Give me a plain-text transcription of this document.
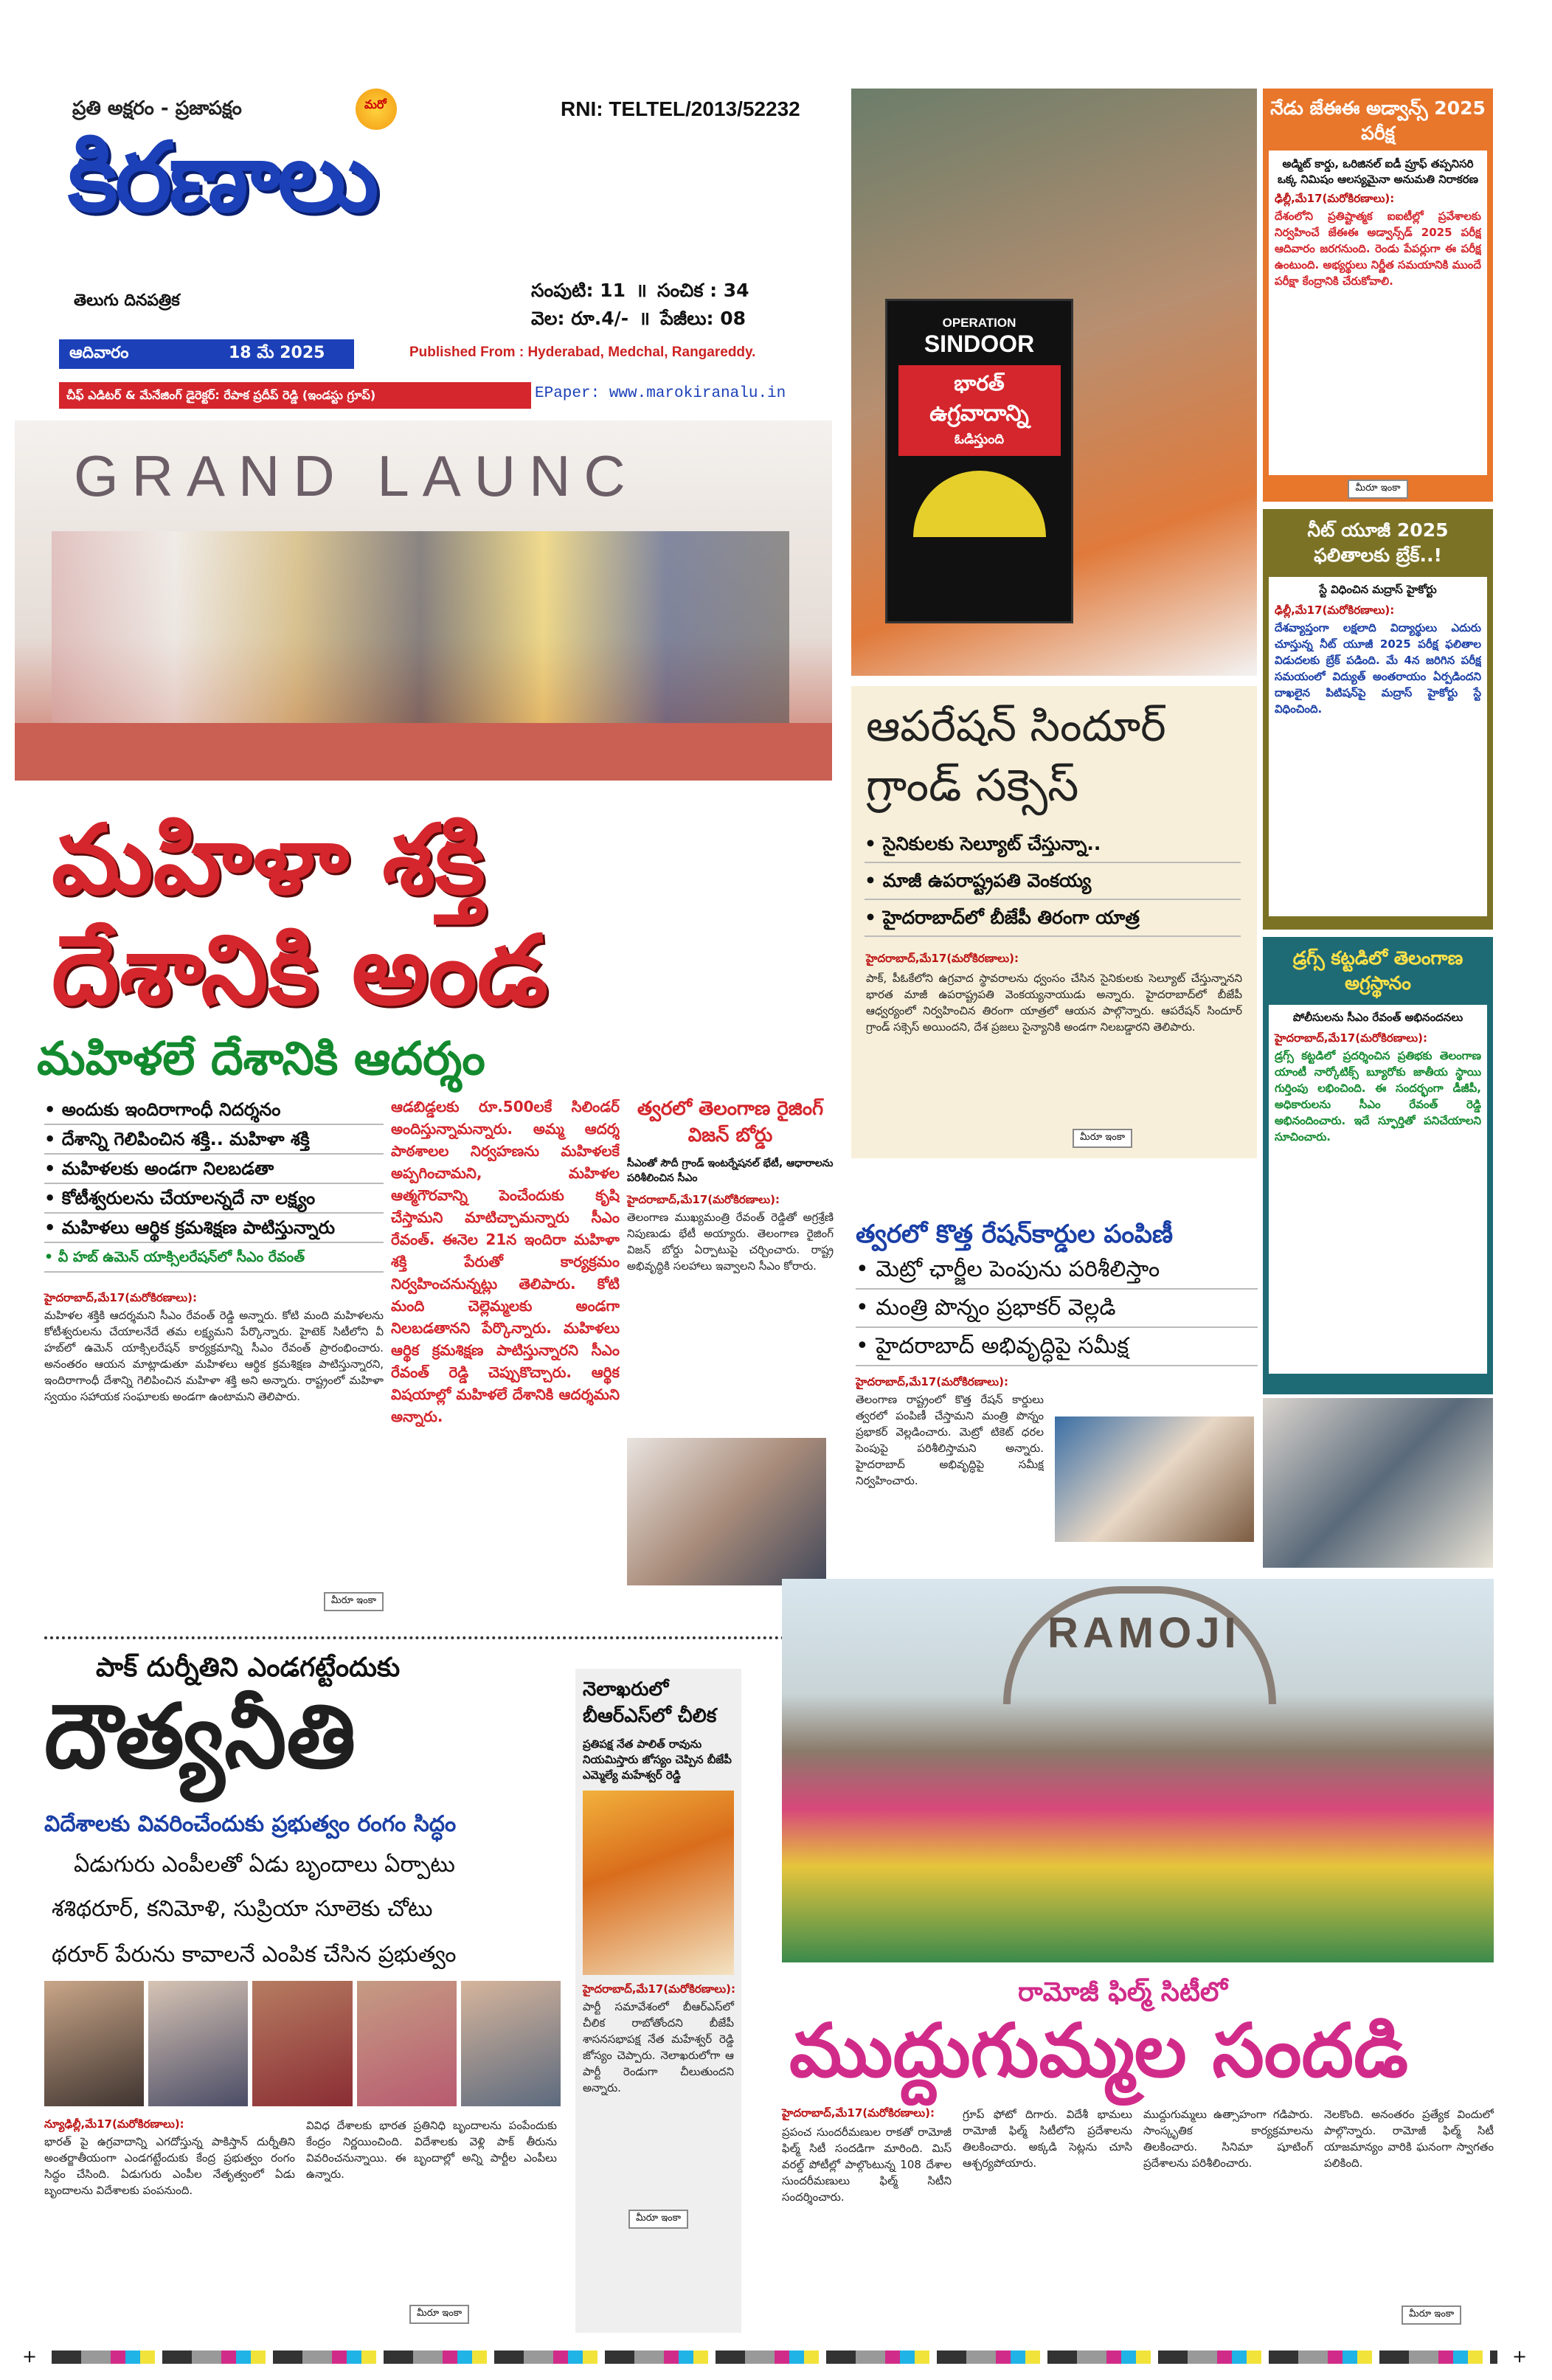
ప్రతి అక్షరం - ప్రజాపక్షం	మరో	RNI: TELTEL/2013/52232
కిరణాలు
తెలుగు దినపత్రిక	సంపుటి: 11 ॥ సంచిక : 34
వెల: రూ.4/- ॥ పేజీలు: 08
ఆదివారం	18 మే 2025	Published From : Hyderabad, Medchal, Rangareddy.
చీఫ్ ఎడిటర్ & మేనేజింగ్ డైరెక్టర్: రేపాక ప్రదీప్ రెడ్డి (ఇండస్టు గ్రూప్)	EPaper: www.marokiranalu.in
GRAND LAUNC
OPERATION
SINDOOR
భారత్
ఉగ్రవాదాన్ని
ఓడిస్తుంది
నేడు జేఈఈ అడ్వాన్స్ 2025 పరీక్ష
అడ్మిట్ కార్డు, ఒరిజినల్ ఐడీ ప్రూఫ్ తప్పనిసరి ఒక్క నిమిషం ఆలస్యమైనా అనుమతి నిరాకరణ
ఢిల్లీ,మే17(మరోకిరణాలు):
దేశంలోని ప్రతిష్టాత్మక ఐఐటీల్లో ప్రవేశాలకు నిర్వహించే జేఈఈ అడ్వాన్స్‌డ్ 2025 పరీక్ష ఆదివారం జరగనుంది. రెండు పేపర్లుగా ఈ పరీక్ష ఉంటుంది. అభ్యర్థులు నిర్ణీత సమయానికి ముందే పరీక్షా కేంద్రానికి చేరుకోవాలి.
మీరూ ఇంకా
నీట్ యూజీ 2025 ఫలితాలకు బ్రేక్..!
స్టే విధించిన మద్రాస్ హైకోర్టు
ఢిల్లీ,మే17(మరోకిరణాలు):
దేశవ్యాప్తంగా లక్షలాది విద్యార్థులు ఎదురు చూస్తున్న నీట్ యూజీ 2025 పరీక్ష ఫలితాల విడుదలకు బ్రేక్ పడింది. మే 4న జరిగిన పరీక్ష సమయంలో విద్యుత్ అంతరాయం ఏర్పడిందని దాఖలైన పిటిషన్‌పై మద్రాస్ హైకోర్టు స్టే విధించింది.
డ్రగ్స్ కట్టడిలో తెలంగాణ అగ్రస్థానం
పోలీసులను సీఎం రేవంత్ అభినందనలు
హైదరాబాద్,మే17(మరోకిరణాలు):
డ్రగ్స్ కట్టడిలో ప్రదర్శించిన ప్రతిభకు తెలంగాణ యాంటీ నార్కోటిక్స్ బ్యూరోకు జాతీయ స్థాయి గుర్తింపు లభించింది. ఈ సందర్భంగా డీజీపీ, అధికారులను సీఎం రేవంత్ రెడ్డి అభినందించారు. ఇదే స్ఫూర్తితో పనిచేయాలని సూచించారు.
ఆపరేషన్ సిందూర్
గ్రాండ్ సక్సెస్
• సైనికులకు సెల్యూట్ చేస్తున్నా..
• మాజీ ఉపరాష్ట్రపతి వెంకయ్య
• హైదరాబాద్‌లో బీజేపీ తిరంగా యాత్ర
హైదరాబాద్,మే17(మరోకిరణాలు):
పాక్, పీఓకేలోని ఉగ్రవాద స్థావరాలను ధ్వంసం చేసిన సైనికులకు సెల్యూట్ చేస్తున్నానని భారత మాజీ ఉపరాష్ట్రపతి వెంకయ్యనాయుడు అన్నారు. హైదరాబాద్‌లో బీజేపీ ఆధ్వర్యంలో నిర్వహించిన తిరంగా యాత్రలో ఆయన పాల్గొన్నారు. ఆపరేషన్ సిందూర్ గ్రాండ్ సక్సెస్ అయిందని, దేశ ప్రజలు సైన్యానికి అండగా నిలబడ్డారని తెలిపారు.
మీరూ ఇంకా
మహిళా శక్తి
దేశానికి అండ
మహిళలే దేశానికి ఆదర్శం
• అందుకు ఇందిరాగాంధీ నిదర్శనం
• దేశాన్ని గెలిపించిన శక్తి.. మహిళా శక్తి
• మహిళలకు అండగా నిలబడతా
• కోటీశ్వరులను చేయాలన్నదే నా లక్ష్యం
• మహిళలు ఆర్థిక క్రమశిక్షణ పాటిస్తున్నారు
• వీ హబ్ ఉమెన్ యాక్సిలరేషన్‌లో సీఎం రేవంత్
హైదరాబాద్,మే17(మరోకిరణాలు):
మహిళల శక్తికి ఆదర్శమని సీఎం రేవంత్ రెడ్డి అన్నారు. కోటి మంది మహిళలను కోటీశ్వరులను చేయాలనేదే తమ లక్ష్యమని పేర్కొన్నారు. హైటెక్ సిటీలోని వీ హబ్‌లో ఉమెన్ యాక్సిలరేషన్ కార్యక్రమాన్ని సీఎం రేవంత్ ప్రారంభించారు. అనంతరం ఆయన మాట్లాడుతూ మహిళలు ఆర్థిక క్రమశిక్షణ పాటిస్తున్నారని, ఇందిరాగాంధీ దేశాన్ని గెలిపించిన మహిళా శక్తి అని అన్నారు. రాష్ట్రంలో మహిళా స్వయం సహాయక సంఘాలకు అండగా ఉంటామని తెలిపారు.
మీరూ ఇంకా
ఆడబిడ్డలకు రూ.500లకే సిలిండర్ అందిస్తున్నామన్నారు. అమ్మ ఆదర్శ పాఠశాలల నిర్వహణను మహిళలకే అప్పగించామని, మహిళల ఆత్మగౌరవాన్ని పెంచేందుకు కృషి చేస్తామని మాటిచ్చామన్నారు సీఎం రేవంత్. ఈనెల 21న ఇందిరా మహిళా శక్తి పేరుతో కార్యక్రమం నిర్వహించనున్నట్లు తెలిపారు. కోటి మంది చెల్లెమ్మలకు అండగా నిలబడతానని పేర్కొన్నారు. మహిళలు ఆర్థిక క్రమశిక్షణ పాటిస్తున్నారని సీఎం రేవంత్ రెడ్డి చెప్పుకొచ్చారు. ఆర్థిక విషయాల్లో మహిళలే దేశానికి ఆదర్శమని అన్నారు.
త్వరలో తెలంగాణ రైజింగ్ విజన్ బోర్డు
సీఎంతో సౌదీ గ్రాండ్ ఇంటర్నేషనల్ భేటీ, ఆధారాలను పరిశీలించిన సీఎం
హైదరాబాద్,మే17(మరోకిరణాలు):
తెలంగాణ ముఖ్యమంత్రి రేవంత్ రెడ్డితో అగ్రశ్రేణి నిపుణుడు భేటీ అయ్యారు. తెలంగాణ రైజింగ్ విజన్ బోర్డు ఏర్పాటుపై చర్చించారు. రాష్ట్ర అభివృద్ధికి సలహాలు ఇవ్వాలని సీఎం కోరారు.
త్వరలో కొత్త రేషన్‌కార్డుల పంపిణీ
• మెట్రో ఛార్జీల పెంపును పరిశీలిస్తాం
• మంత్రి పొన్నం ప్రభాకర్ వెల్లడి
• హైదరాబాద్ అభివృద్ధిపై సమీక్ష
హైదరాబాద్,మే17(మరోకిరణాలు):
తెలంగాణ రాష్ట్రంలో కొత్త రేషన్ కార్డులు త్వరలో పంపిణీ చేస్తామని మంత్రి పొన్నం ప్రభాకర్ వెల్లడించారు. మెట్రో టికెట్ ధరల పెంపుపై పరిశీలిస్తామని అన్నారు. హైదరాబాద్ అభివృద్ధిపై సమీక్ష నిర్వహించారు.
పాక్ దుర్నీతిని ఎండగట్టేందుకు
దౌత్యనీతి
విదేశాలకు వివరించేందుకు ప్రభుత్వం రంగం సిద్ధం
ఏడుగురు ఎంపీలతో ఏడు బృందాలు ఏర్పాటు
శశిథరూర్, కనిమోళి, సుప్రియా సూలెకు చోటు
థరూర్ పేరును కావాలనే ఎంపిక చేసిన ప్రభుత్వం
న్యూఢిల్లీ,మే17(మరోకిరణాలు):
భారత్ పై ఉగ్రవాదాన్ని ఎగదోస్తున్న పాకిస్తాన్ దుర్నీతిని అంతర్జాతీయంగా ఎండగట్టేందుకు కేంద్ర ప్రభుత్వం రంగం సిద్ధం చేసింది. ఏడుగురు ఎంపీల నేతృత్వంలో ఏడు బృందాలను విదేశాలకు పంపనుంది.
వివిధ దేశాలకు భారత ప్రతినిధి బృందాలను పంపేందుకు కేంద్రం నిర్ణయించింది. విదేశాలకు వెళ్లి పాక్ తీరును వివరించనున్నాయి. ఈ బృందాల్లో అన్ని పార్టీల ఎంపీలు ఉన్నారు.
మీరూ ఇంకా
నెలాఖరులో బీఆర్ఎస్‌లో చీలిక
ప్రతిపక్ష నేత పాలిత్ రావును నియమిస్తారు జోస్యం చెప్పిన బీజేపీ ఎమ్మెల్యే మహేశ్వర్ రెడ్డి
హైదరాబాద్,మే17(మరోకిరణాలు):
పార్టీ సమావేశంలో బీఆర్‌ఎస్‌లో చీలిక రాబోతోందని బీజేపీ శాసనసభాపక్ష నేత మహేశ్వర్ రెడ్డి జోస్యం చెప్పారు. నెలాఖరులోగా ఆ పార్టీ రెండుగా చీలుతుందని అన్నారు.
మీరూ ఇంకా
RAMOJI
రామోజీ ఫిల్మ్ సిటీలో
ముద్దుగుమ్మల సందడి
హైదరాబాద్,మే17(మరోకిరణాలు):
ప్రపంచ సుందరీమణుల రాకతో రామోజీ ఫిల్మ్ సిటీ సందడిగా మారింది. మిస్ వరల్డ్ పోటీల్లో పాల్గొంటున్న 108 దేశాల సుందరీమణులు ఫిల్మ్ సిటీని సందర్శించారు.
గ్రూప్ ఫోటో దిగారు. విదేశీ భామలు రామోజీ ఫిల్మ్ సిటీలోని ప్రదేశాలను తిలకించారు. అక్కడి సెట్లను చూసి ఆశ్చర్యపోయారు.
ముద్దుగుమ్మలు ఉత్సాహంగా గడిపారు. సాంస్కృతిక కార్యక్రమాలను తిలకించారు. సినిమా షూటింగ్ ప్రదేశాలను పరిశీలించారు.
నెలకొంది. అనంతరం ప్రత్యేక విందులో పాల్గొన్నారు. రామోజీ ఫిల్మ్ సిటీ యాజమాన్యం వారికి ఘనంగా స్వాగతం పలికింది.
మీరూ ఇంకా
+	+
